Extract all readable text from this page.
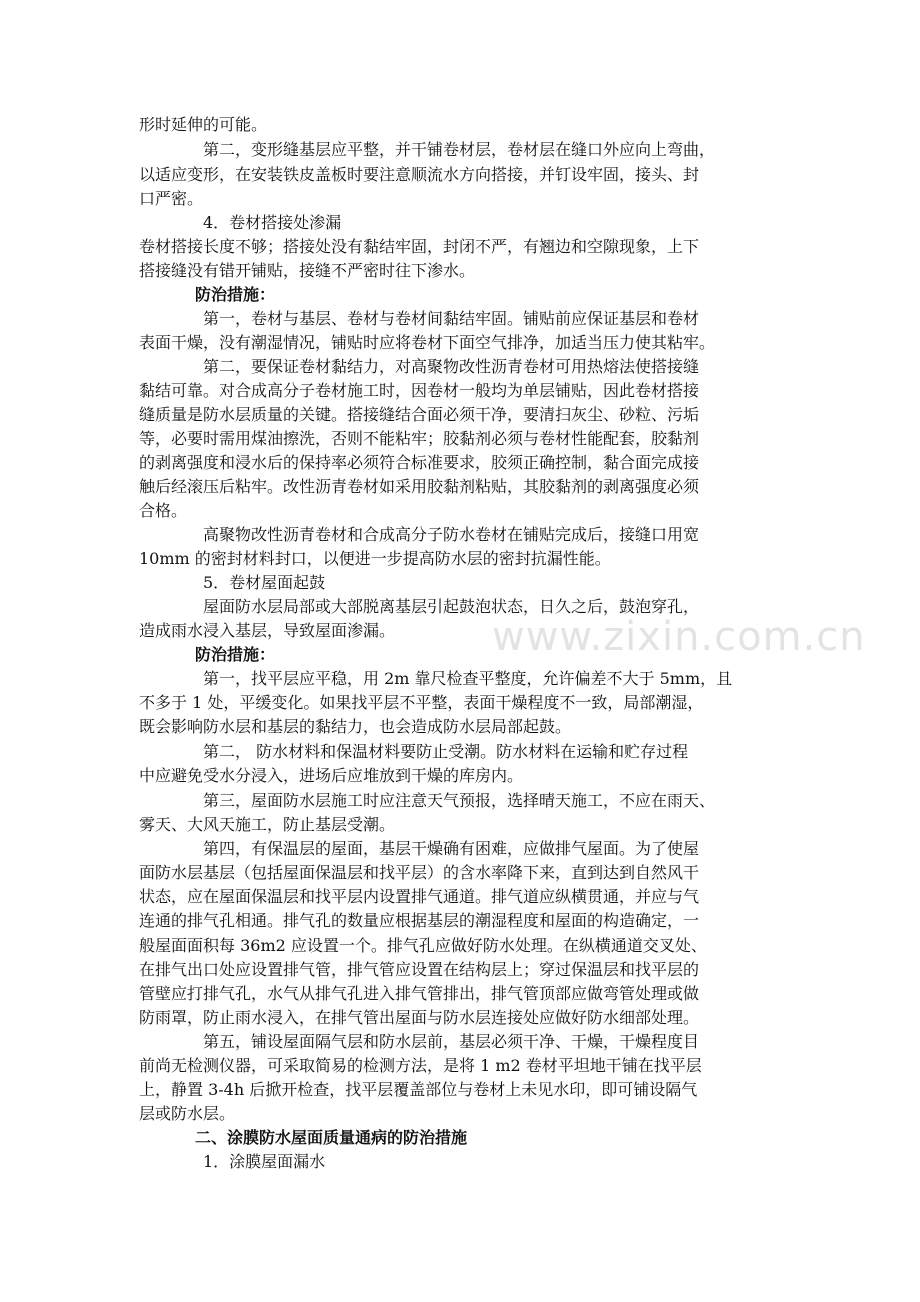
www.zixin.com.cn
形时延伸的可能。
第二，变形缝基层应平整，并干铺卷材层，卷材层在缝口外应向上弯曲，
以适应变形，在安装铁皮盖板时要注意顺流水方向搭接，并钉设牢固，接头、封
口严密。
4．卷材搭接处渗漏
卷材搭接长度不够；搭接处没有黏结牢固，封闭不严，有翘边和空隙现象，上下
搭接缝没有错开铺贴，接缝不严密时往下渗水。
防治措施：
第一，卷材与基层、卷材与卷材间黏结牢固。铺贴前应保证基层和卷材
表面干燥，没有潮湿情况，铺贴时应将卷材下面空气排净，加适当压力使其粘牢。
第二，要保证卷材黏结力，对高聚物改性沥青卷材可用热熔法使搭接缝
黏结可靠。对合成高分子卷材施工时，因卷材一般均为单层铺贴，因此卷材搭接
缝质量是防水层质量的关键。搭接缝结合面必须干净，要清扫灰尘、砂粒、污垢
等，必要时需用煤油擦洗，否则不能粘牢；胶黏剂必须与卷材性能配套，胶黏剂
的剥离强度和浸水后的保持率必须符合标准要求，胶须正确控制，黏合面完成接
触后经滚压后粘牢。改性沥青卷材如采用胶黏剂粘贴，其胶黏剂的剥离强度必须
合格。
高聚物改性沥青卷材和合成高分子防水卷材在铺贴完成后，接缝口用宽
10mm 的密封材料封口，以便进一步提高防水层的密封抗漏性能。
5．卷材屋面起鼓
屋面防水层局部或大部脱离基层引起鼓泡状态，日久之后，鼓泡穿孔，
造成雨水浸入基层，导致屋面渗漏。
防治措施：
第一，找平层应平稳，用 2m 靠尺检查平整度，允许偏差不大于 5mm，且
不多于 1 处，平缓变化。如果找平层不平整，表面干燥程度不一致，局部潮湿，
既会影响防水层和基层的黏结力，也会造成防水层局部起鼓。
第二， 防水材料和保温材料要防止受潮。防水材料在运输和贮存过程
中应避免受水分浸入，进场后应堆放到干燥的库房内。
第三，屋面防水层施工时应注意天气预报，选择晴天施工，不应在雨天、
雾天、大风天施工，防止基层受潮。
第四，有保温层的屋面，基层干燥确有困难，应做排气屋面。为了使屋
面防水层基层（包括屋面保温层和找平层）的含水率降下来，直到达到自然风干
状态，应在屋面保温层和找平层内设置排气通道。排气道应纵横贯通，并应与气
连通的排气孔相通。排气孔的数量应根据基层的潮湿程度和屋面的构造确定，一
般屋面面积每 36m2 应设置一个。排气孔应做好防水处理。在纵横通道交叉处、
在排气出口处应设置排气管，排气管应设置在结构层上；穿过保温层和找平层的
管壁应打排气孔，水气从排气孔进入排气管排出，排气管顶部应做弯管处理或做
防雨罩，防止雨水浸入，在排气管出屋面与防水层连接处应做好防水细部处理。
第五，铺设屋面隔气层和防水层前，基层必须干净、干燥，干燥程度目
前尚无检测仪器，可采取简易的检测方法，是将 1 m2 卷材平坦地干铺在找平层
上，静置 3-4h 后掀开检查，找平层覆盖部位与卷材上未见水印，即可铺设隔气
层或防水层。
二、涂膜防水屋面质量通病的防治措施
1．涂膜屋面漏水
